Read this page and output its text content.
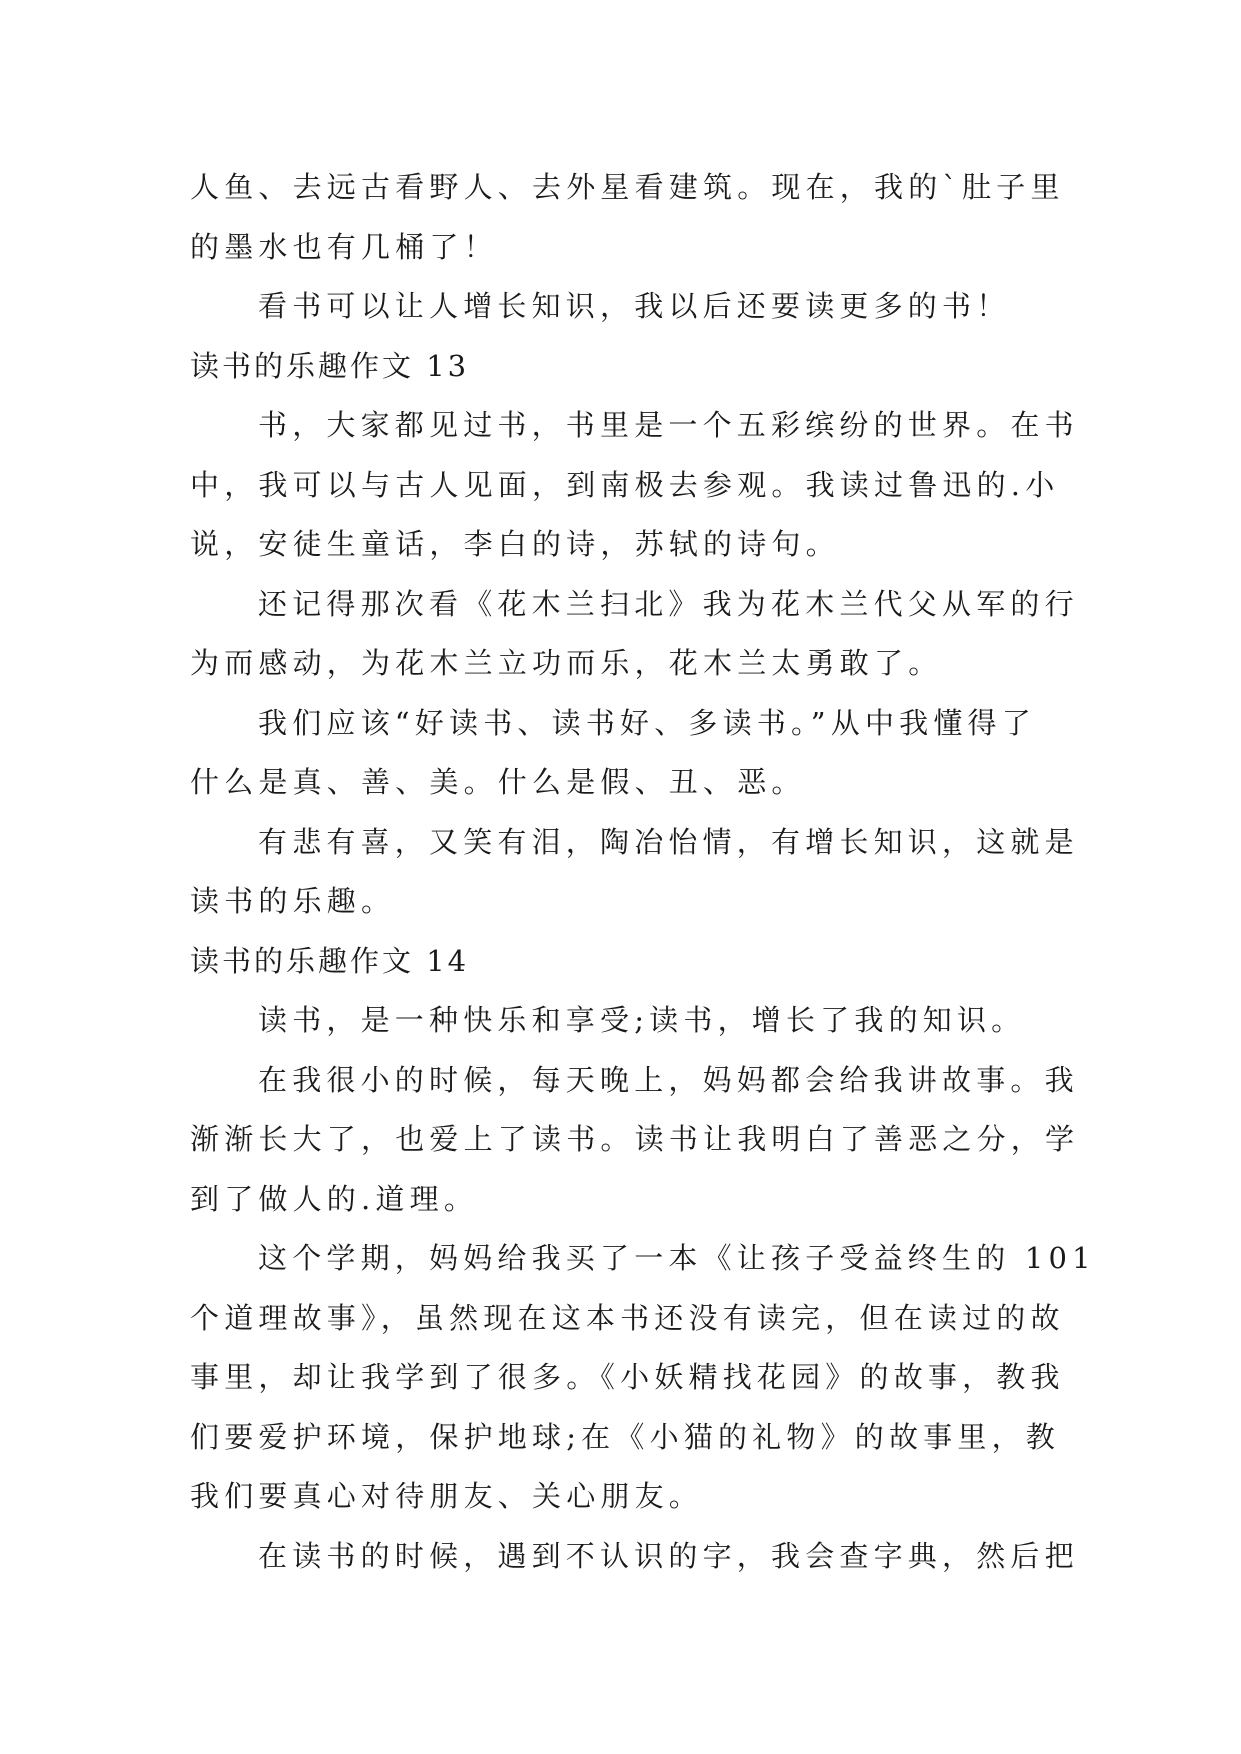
人鱼、去远古看野人、去外星看建筑。现在，我的`肚子里
的墨水也有几桶了！
看书可以让人增长知识，我以后还要读更多的书！
读书的乐趣作文 13
书，大家都见过书，书里是一个五彩缤纷的世界。在书
中，我可以与古人见面，到南极去参观。我读过鲁迅的.小
说，安徒生童话，李白的诗，苏轼的诗句。
还记得那次看《花木兰扫北》我为花木兰代父从军的行
为而感动，为花木兰立功而乐，花木兰太勇敢了。
我们应该“好读书、读书好、多读书。”从中我懂得了
什么是真、善、美。什么是假、丑、恶。
有悲有喜，又笑有泪，陶冶怡情，有增长知识，这就是
读书的乐趣。
读书的乐趣作文 14
读书，是一种快乐和享受;读书，增长了我的知识。
在我很小的时候，每天晚上，妈妈都会给我讲故事。我
渐渐长大了，也爱上了读书。读书让我明白了善恶之分，学
到了做人的.道理。
这个学期，妈妈给我买了一本《让孩子受益终生的 101
个道理故事》，虽然现在这本书还没有读完，但在读过的故
事里，却让我学到了很多。《小妖精找花园》的故事，教我
们要爱护环境，保护地球;在《小猫的礼物》的故事里，教
我们要真心对待朋友、关心朋友。
在读书的时候，遇到不认识的字，我会查字典，然后把
